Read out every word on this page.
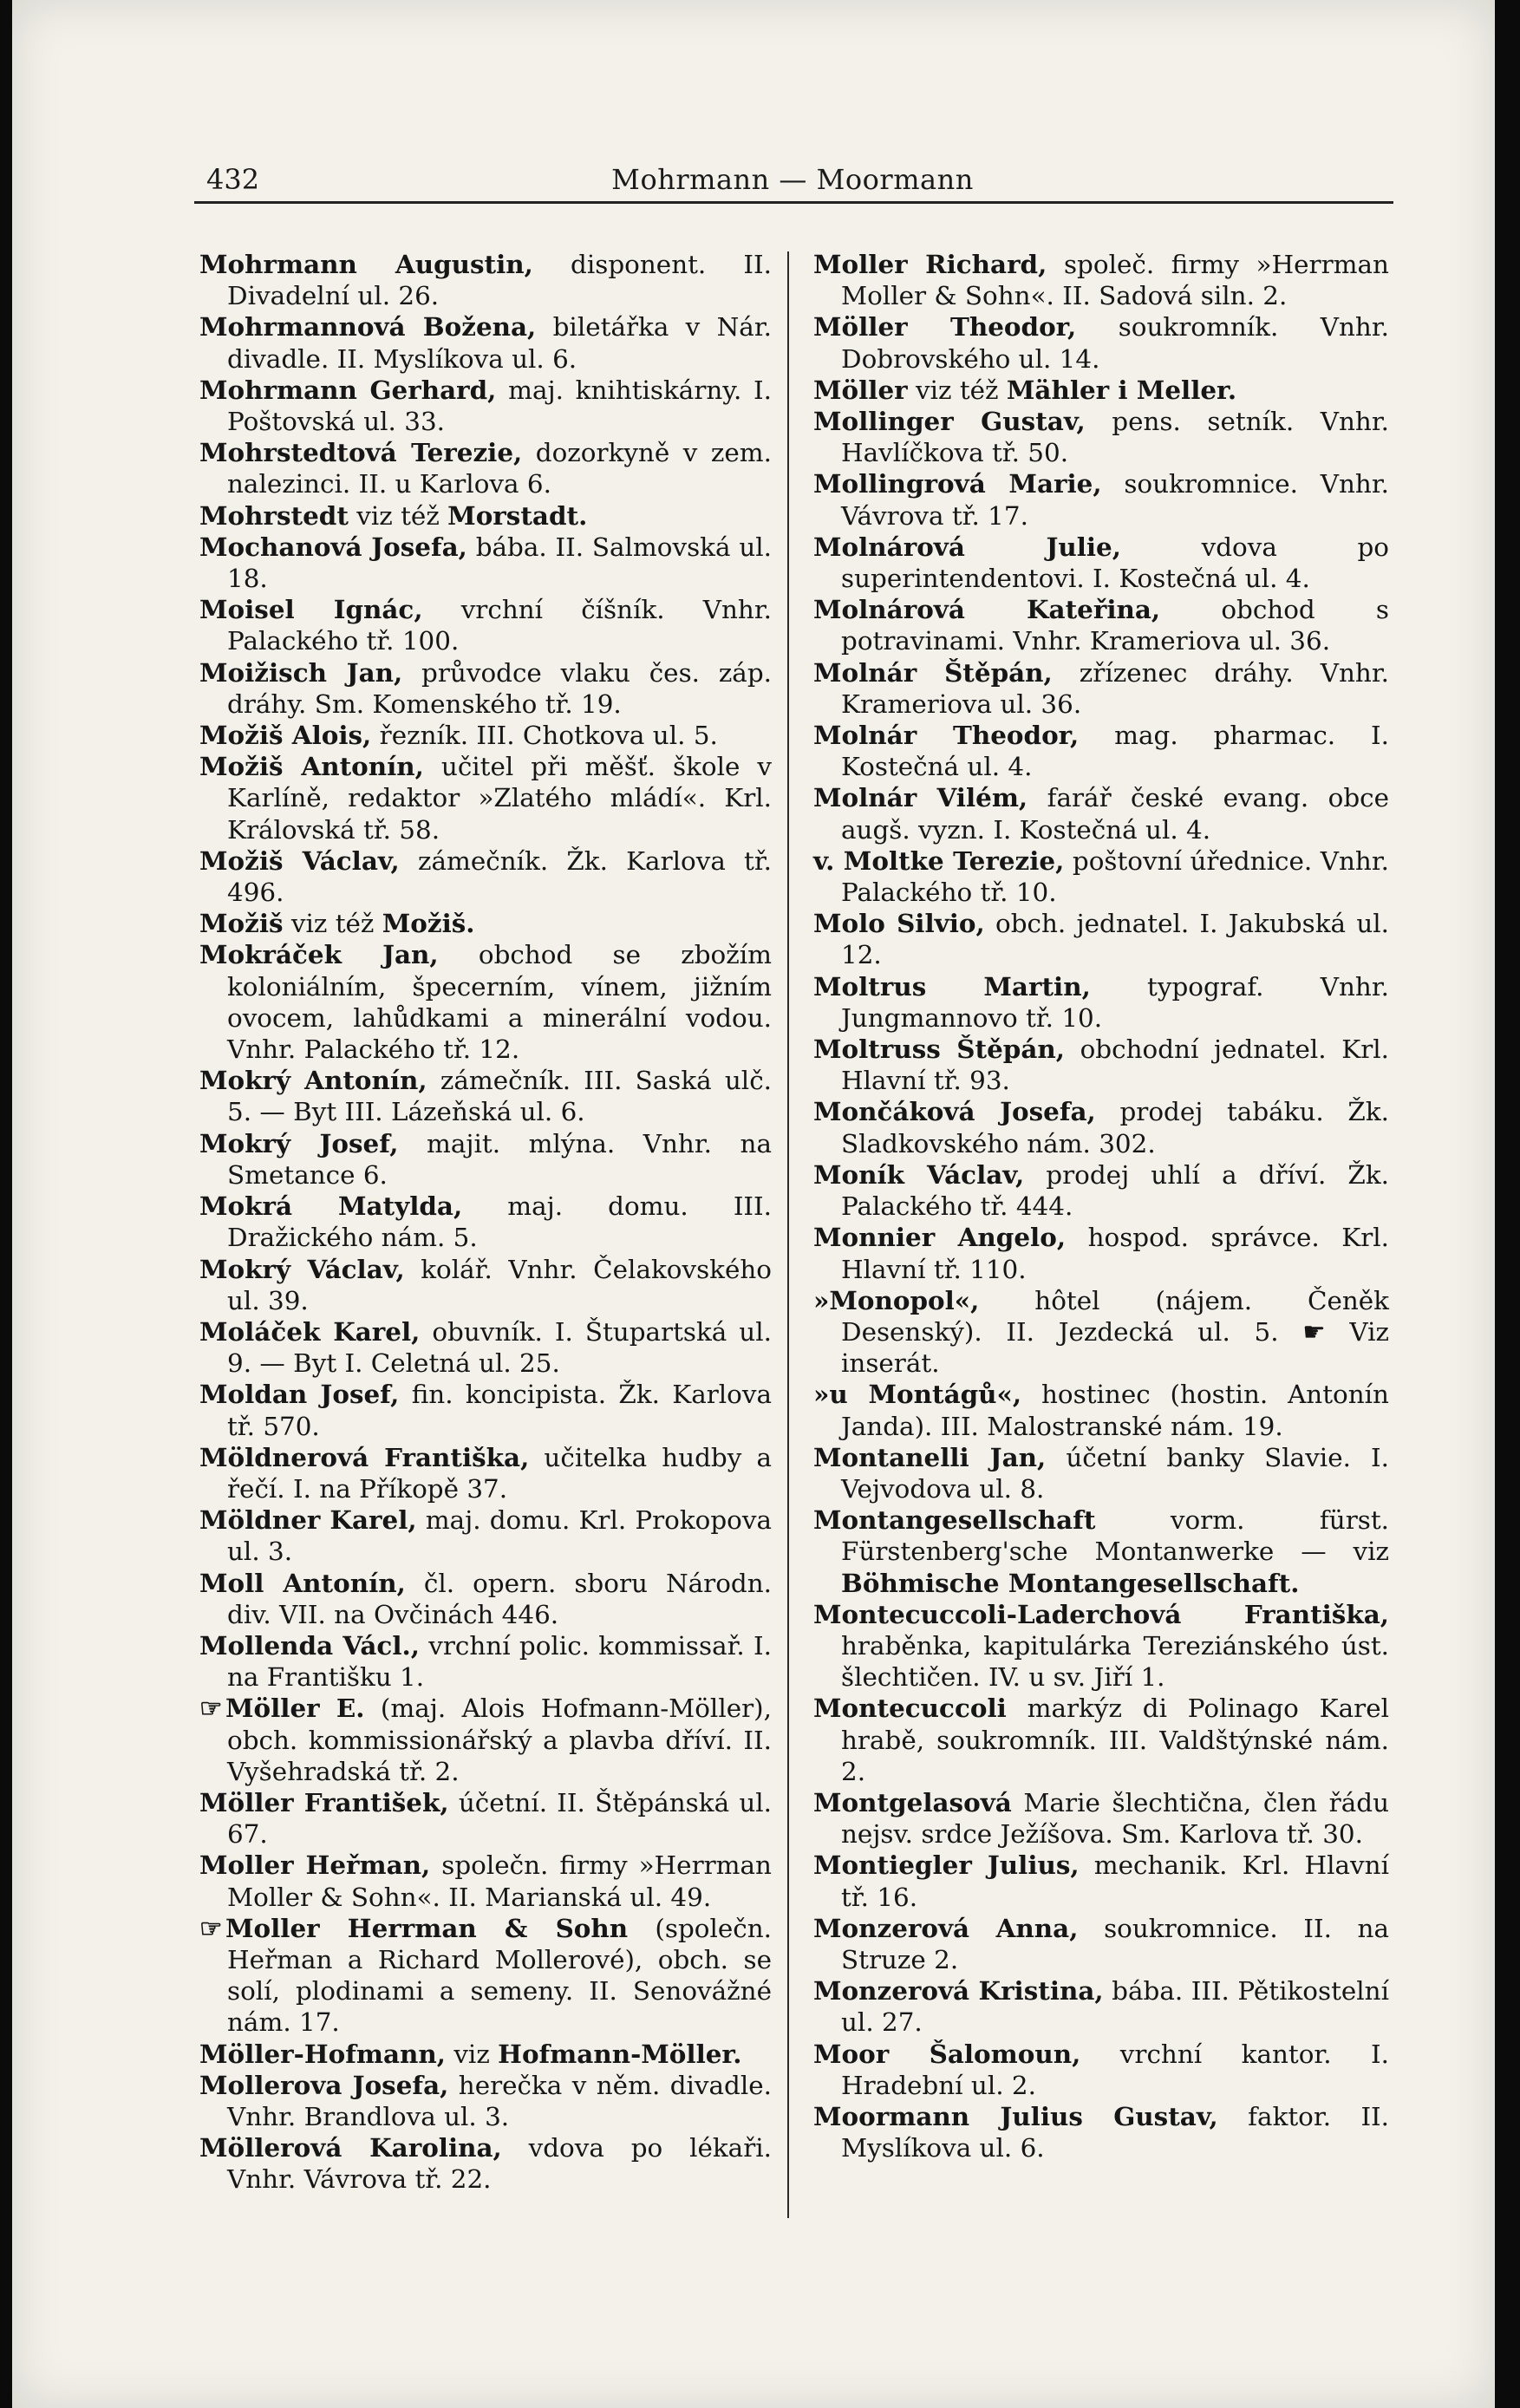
432	Mohrmann — Moormann

Mohrmann Augustin, disponent. II. Divadelní ul. 26.

Mohrmannová Božena, biletářka v Nár. divadle. II. Myslíkova ul. 6.

Mohrmann Gerhard, maj. knihtiskárny. I. Poštovská ul. 33.

Mohrstedtová Terezie, dozorkyně v zem. nalezinci. II. u Karlova 6.

Mohrstedt viz též Morstadt.

Mochanová Josefa, bába. II. Salmovská ul. 18.

Moisel Ignác, vrchní číšník. Vnhr. Palackého tř. 100.

Moižisch Jan, průvodce vlaku čes. záp. dráhy. Sm. Komenského tř. 19.

Možiš Alois, řezník. III. Chotkova ul. 5.

Možiš Antonín, učitel při měšť. škole v Karlíně, redaktor »Zlatého mládí«. Krl. Královská tř. 58.

Možiš Václav, zámečník. Žk. Karlova tř. 496.

Možiš viz též Možiš.

Mokráček Jan, obchod se zbožím koloniálním, špecerním, vínem, jižním ovocem, lahůdkami a minerální vodou. Vnhr. Palackého tř. 12.

Mokrý Antonín, zámečník. III. Saská ulč. 5. — Byt III. Lázeňská ul. 6.

Mokrý Josef, majit. mlýna. Vnhr. na Smetance 6.

Mokrá Matylda, maj. domu. III. Dražického nám. 5.

Mokrý Václav, kolář. Vnhr. Čelakovského ul. 39.

Moláček Karel, obuvník. I. Štupartská ul. 9. — Byt I. Celetná ul. 25.

Moldan Josef, fin. koncipista. Žk. Karlova tř. 570.

Möldnerová Františka, učitelka hudby a řečí. I. na Příkopě 37.

Möldner Karel, maj. domu. Krl. Prokopova ul. 3.

Moll Antonín, čl. opern. sboru Národn. div. VII. na Ovčinách 446.

Mollenda Václ., vrchní polic. kommissař. I. na Františku 1.

☞ Möller E. (maj. Alois Hofmann-Möller), obch. kommissionářský a plavba dříví. II. Vyšehradská tř. 2.

Möller František, účetní. II. Štěpánská ul. 67.

Moller Heřman, společn. firmy »Herrman Moller & Sohn«. II. Marianská ul. 49.

☞ Moller Herrman & Sohn (společn. Heřman a Richard Mollerové), obch. se solí, plodinami a semeny. II. Senovážné nám. 17.

Möller-Hofmann, viz Hofmann-Möller.

Mollerova Josefa, herečka v něm. divadle. Vnhr. Brandlova ul. 3.

Möllerová Karolina, vdova po lékaři. Vnhr. Vávrova tř. 22.

Moller Richard, společ. firmy »Herrman Moller & Sohn«. II. Sadová siln. 2.

Möller Theodor, soukromník. Vnhr. Dobrovského ul. 14.

Möller viz též Mähler i Meller.

Mollinger Gustav, pens. setník. Vnhr. Havlíčkova tř. 50.

Mollingrová Marie, soukromnice. Vnhr. Vávrova tř. 17.

Molnárová Julie, vdova po superintendentovi. I. Kostečná ul. 4.

Molnárová Kateřina, obchod s potravinami. Vnhr. Krameriova ul. 36.

Molnár Štěpán, zřízenec dráhy. Vnhr. Krameriova ul. 36.

Molnár Theodor, mag. pharmac. I. Kostečná ul. 4.

Molnár Vilém, farář české evang. obce augš. vyzn. I. Kostečná ul. 4.

v. Moltke Terezie, poštovní úřednice. Vnhr. Palackého tř. 10.

Molo Silvio, obch. jednatel. I. Jakubská ul. 12.

Moltrus Martin, typograf. Vnhr. Jungmannovo tř. 10.

Moltruss Štěpán, obchodní jednatel. Krl. Hlavní tř. 93.

Mončáková Josefa, prodej tabáku. Žk. Sladkovského nám. 302.

Moník Václav, prodej uhlí a dříví. Žk. Palackého tř. 444.

Monnier Angelo, hospod. správce. Krl. Hlavní tř. 110.

»Monopol«, hôtel (nájem. Čeněk Desenský). II. Jezdecká ul. 5. ☛ Viz inserát.

»u Montágů«, hostinec (hostin. Antonín Janda). III. Malostranské nám. 19.

Montanelli Jan, účetní banky Slavie. I. Vejvodova ul. 8.

Montangesellschaft vorm. fürst. Fürstenberg'sche Montanwerke — viz Böhmische Montangesellschaft.

Montecuccoli-Laderchová Františka, hraběnka, kapitulárka Tereziánského úst. šlechtičen. IV. u sv. Jiří 1.

Montecuccoli markýz di Polinago Karel hrabě, soukromník. III. Valdštýnské nám. 2.

Montgelasová Marie šlechtična, člen řádu nejsv. srdce Ježíšova. Sm. Karlova tř. 30.

Montiegler Julius, mechanik. Krl. Hlavní tř. 16.

Monzerová Anna, soukromnice. II. na Struze 2.

Monzerová Kristina, bába. III. Pětikostelní ul. 27.

Moor Šalomoun, vrchní kantor. I. Hradební ul. 2.

Moormann Julius Gustav, faktor. II. Myslíkova ul. 6.
